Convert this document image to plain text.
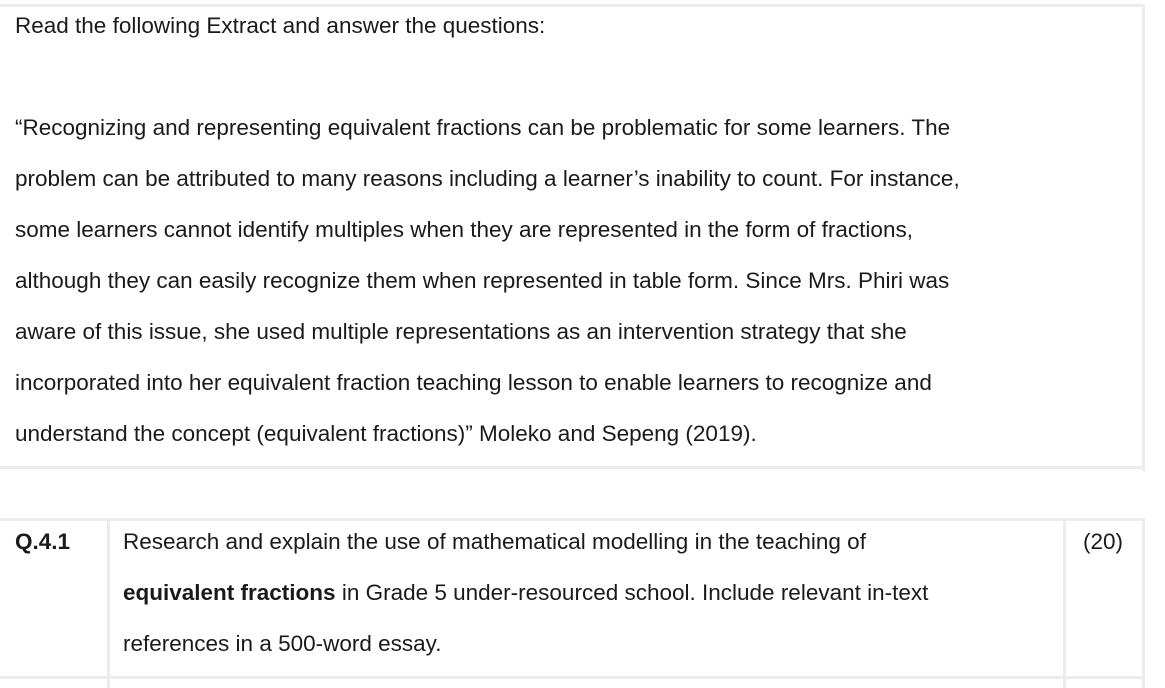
Read the following Extract and answer the questions:
“Recognizing and representing equivalent fractions can be problematic for some learners. The
problem can be attributed to many reasons including a learner’s inability to count. For instance,
some learners cannot identify multiples when they are represented in the form of fractions,
although they can easily recognize them when represented in table form. Since Mrs. Phiri was
aware of this issue, she used multiple representations as an intervention strategy that she
incorporated into her equivalent fraction teaching lesson to enable learners to recognize and
understand the concept (equivalent fractions)” Moleko and Sepeng (2019).
Q.4.1 Research and explain the use of mathematical modelling in the teaching of
equivalent fractions in Grade 5 under-resourced school. Include relevant in-text
references in a 500-word essay.
(20)
